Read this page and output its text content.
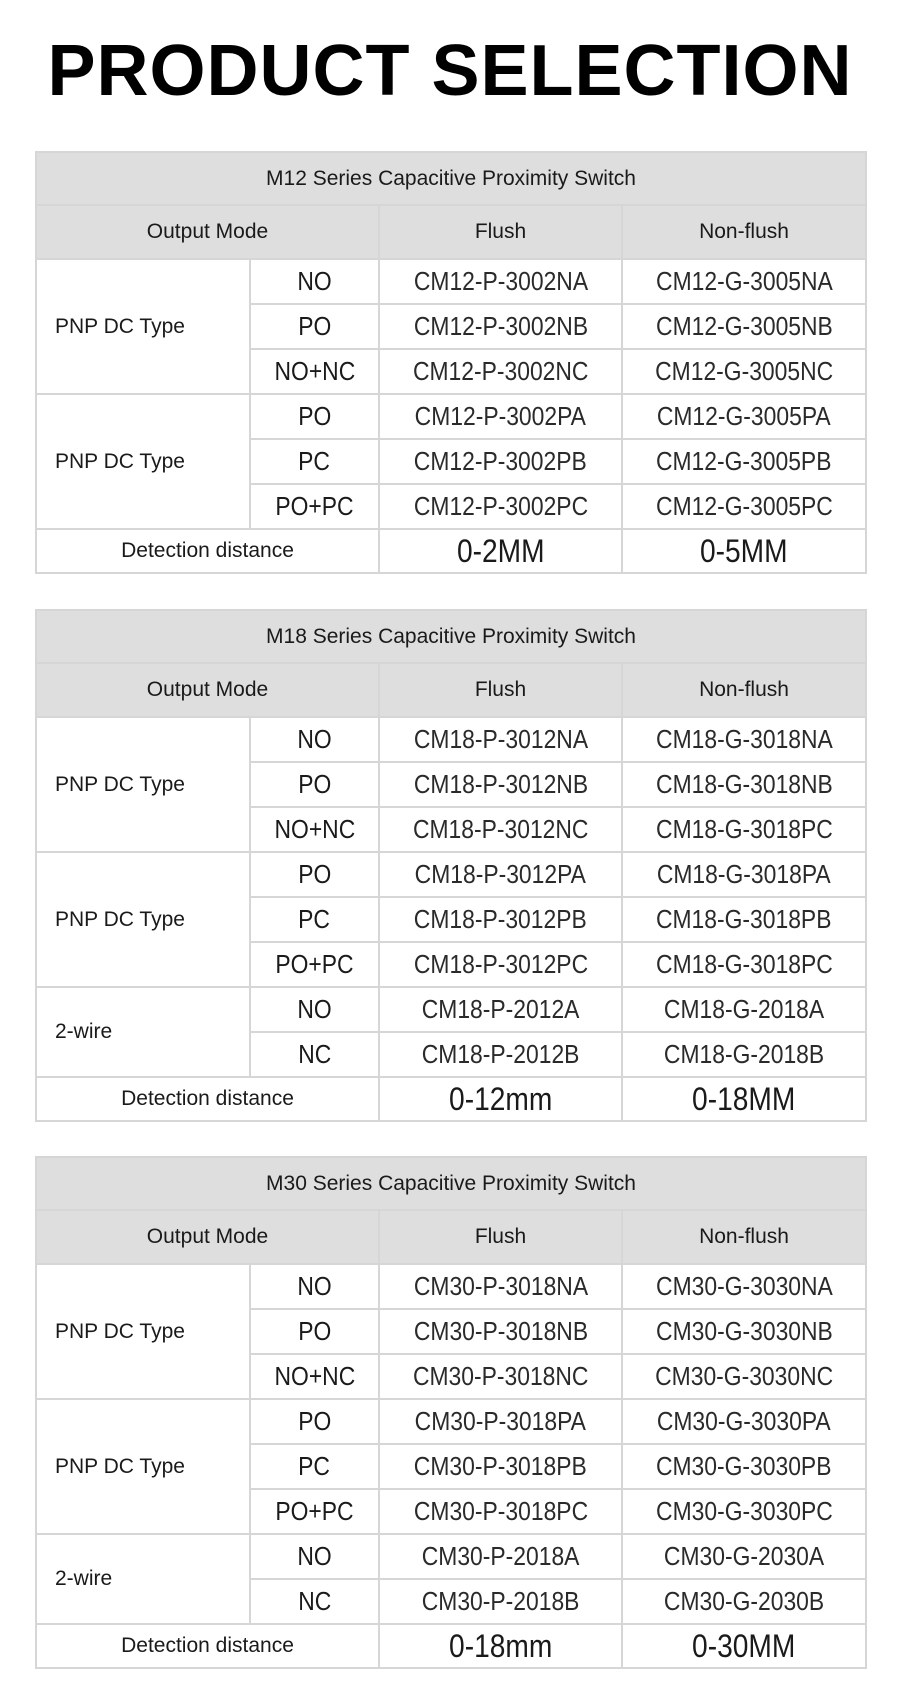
PRODUCT SELECTION
M12 Series Capacitive Proximity Switch			
Output Mode		Flush	Non-flush
PNP DC Type	NO	CM12-P-3002NA	CM12-G-3005NA
	PO	CM12-P-3002NB	CM12-G-3005NB
	NO+NC	CM12-P-3002NC	CM12-G-3005NC
PNP DC Type	PO	CM12-P-3002PA	CM12-G-3005PA
	PC	CM12-P-3002PB	CM12-G-3005PB
	PO+PC	CM12-P-3002PC	CM12-G-3005PC
Detection distance		0-2MM	0-5MM
M18 Series Capacitive Proximity Switch			
Output Mode		Flush	Non-flush
PNP DC Type	NO	CM18-P-3012NA	CM18-G-3018NA
	PO	CM18-P-3012NB	CM18-G-3018NB
	NO+NC	CM18-P-3012NC	CM18-G-3018PC
PNP DC Type	PO	CM18-P-3012PA	CM18-G-3018PA
	PC	CM18-P-3012PB	CM18-G-3018PB
	PO+PC	CM18-P-3012PC	CM18-G-3018PC
2-wire	NO	CM18-P-2012A	CM18-G-2018A
	NC	CM18-P-2012B	CM18-G-2018B
Detection distance		0-12mm	0-18MM
M30 Series Capacitive Proximity Switch			
Output Mode		Flush	Non-flush
PNP DC Type	NO	CM30-P-3018NA	CM30-G-3030NA
	PO	CM30-P-3018NB	CM30-G-3030NB
	NO+NC	CM30-P-3018NC	CM30-G-3030NC
PNP DC Type	PO	CM30-P-3018PA	CM30-G-3030PA
	PC	CM30-P-3018PB	CM30-G-3030PB
	PO+PC	CM30-P-3018PC	CM30-G-3030PC
2-wire	NO	CM30-P-2018A	CM30-G-2030A
	NC	CM30-P-2018B	CM30-G-2030B
Detection distance		0-18mm	0-30MM
